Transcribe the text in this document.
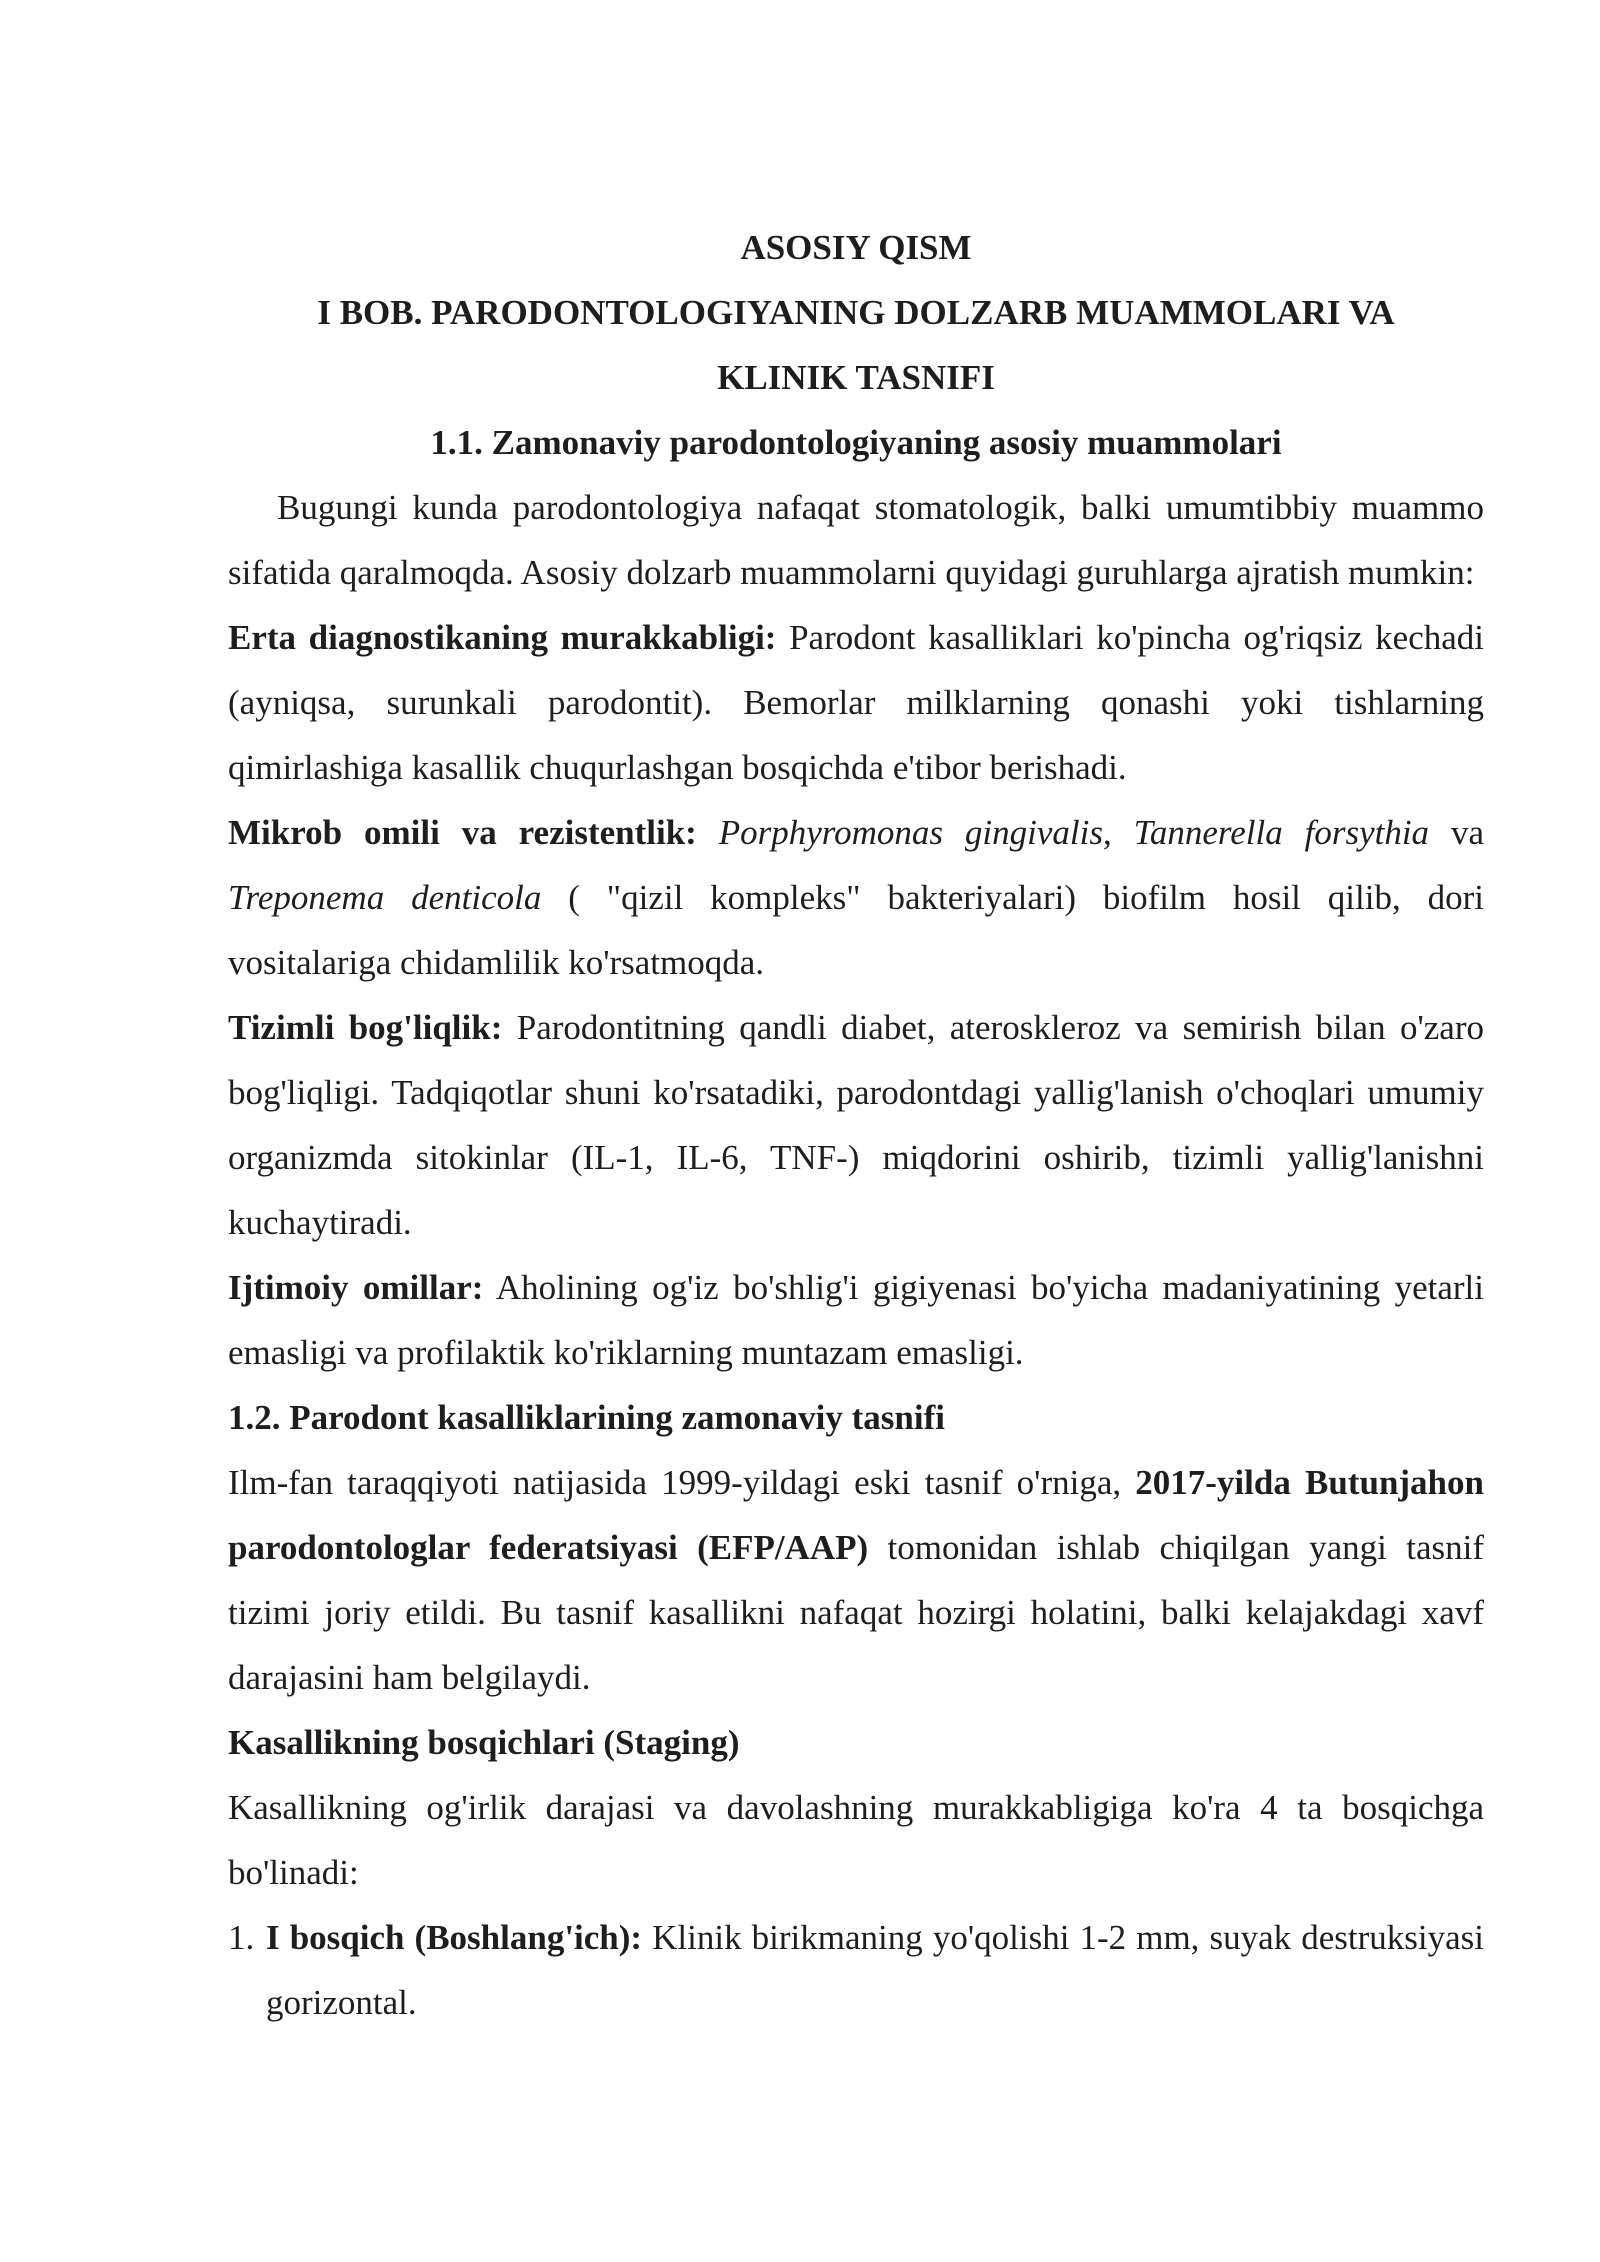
ASOSIY QISM
I BOB. PARODONTOLOGIYANING DOLZARB MUAMMOLARI VA
KLINIK TASNIFI
1.1. Zamonaviy parodontologiyaning asosiy muammolari

Bugungi kunda parodontologiya nafaqat stomatologik, balki umumtibbiy muammo sifatida qaralmoqda. Asosiy dolzarb muammolarni quyidagi guruhlarga ajratish mumkin:

Erta diagnostikaning murakkabligi: Parodont kasalliklari ko'pincha og'riqsiz kechadi (ayniqsa, surunkali parodontit). Bemorlar milklarning qonashi yoki tishlarning qimirlashiga kasallik chuqurlashgan bosqichda e'tibor berishadi.

Mikrob omili va rezistentlik: Porphyromonas gingivalis, Tannerella forsythia va Treponema denticola ( "qizil kompleks" bakteriyalari) biofilm hosil qilib, dori vositalariga chidamlilik ko'rsatmoqda.

Tizimli bog'liqlik: Parodontitning qandli diabet, ateroskleroz va semirish bilan o'zaro bog'liqligi. Tadqiqotlar shuni ko'rsatadiki, parodontdagi yallig'lanish o'choqlari umumiy organizmda sitokinlar (IL-1, IL-6, TNF-) miqdorini oshirib, tizimli yallig'lanishni kuchaytiradi.

Ijtimoiy omillar: Aholining og'iz bo'shlig'i gigiyenasi bo'yicha madaniyatining yetarli emasligi va profilaktik ko'riklarning muntazam emasligi.

1.2. Parodont kasalliklarining zamonaviy tasnifi

Ilm-fan taraqqiyoti natijasida 1999-yildagi eski tasnif o'rniga, 2017-yilda Butunjahon parodontologlar federatsiyasi (EFP/AAP) tomonidan ishlab chiqilgan yangi tasnif tizimi joriy etildi. Bu tasnif kasallikni nafaqat hozirgi holatini, balki kelajakdagi xavf darajasini ham belgilaydi.

Kasallikning bosqichlari (Staging)

Kasallikning og'irlik darajasi va davolashning murakkabligiga ko'ra 4 ta bosqichga bo'linadi:

1. I bosqich (Boshlang'ich): Klinik birikmaning yo'qolishi 1-2 mm, suyak destruksiyasi gorizontal.
